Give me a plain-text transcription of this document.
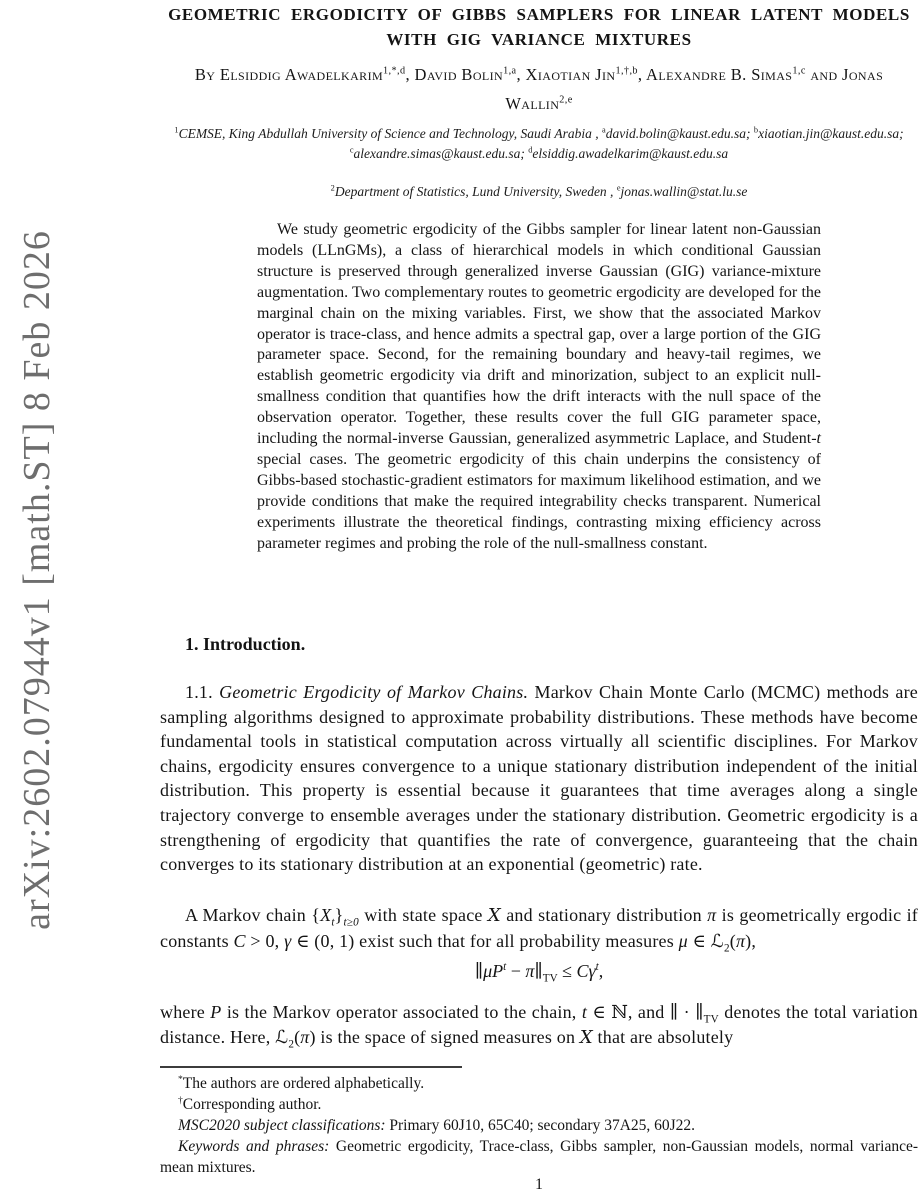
arXiv:2602.07944v1 [math.ST] 8 Feb 2026
GEOMETRIC ERGODICITY OF GIBBS SAMPLERS FOR LINEAR LATENT MODELS WITH GIG VARIANCE MIXTURES
By Elsiddig Awadelkarim$^{1,*,d}$, David Bolin$^{1,a}$, Xiaotian Jin$^{1,\dagger,b}$, Alexandre B. Simas$^{1,c}$ and Jonas Wallin$^{2,e}$
$^1$CEMSE, King Abdullah University of Science and Technology, Saudi Arabia , $^a$david.bolin@kaust.edu.sa; $^b$xiaotian.jin@kaust.edu.sa; $^c$alexandre.simas@kaust.edu.sa; $^d$elsiddig.awadelkarim@kaust.edu.sa
$^2$Department of Statistics, Lund University, Sweden , $^e$jonas.wallin@stat.lu.se
We study geometric ergodicity of the Gibbs sampler for linear latent non-Gaussian models (LLnGMs), a class of hierarchical models in which conditional Gaussian structure is preserved through generalized inverse Gaussian (GIG) variance-mixture augmentation. Two complementary routes to geometric ergodicity are developed for the marginal chain on the mixing variables. First, we show that the associated Markov operator is trace-class, and hence admits a spectral gap, over a large portion of the GIG parameter space. Second, for the remaining boundary and heavy-tail regimes, we establish geometric ergodicity via drift and minorization, subject to an explicit null-smallness condition that quantifies how the drift interacts with the null space of the observation operator. Together, these results cover the full GIG parameter space, including the normal-inverse Gaussian, generalized asymmetric Laplace, and Student-t special cases. The geometric ergodicity of this chain underpins the consistency of Gibbs-based stochastic-gradient estimators for maximum likelihood estimation, and we provide conditions that make the required integrability checks transparent. Numerical experiments illustrate the theoretical findings, contrasting mixing efficiency across parameter regimes and probing the role of the null-smallness constant.
1. Introduction.
1.1. Geometric Ergodicity of Markov Chains. Markov Chain Monte Carlo (MCMC) methods are sampling algorithms designed to approximate probability distributions. These methods have become fundamental tools in statistical computation across virtually all scientific disciplines. For Markov chains, ergodicity ensures convergence to a unique stationary distribution independent of the initial distribution. This property is essential because it guarantees that time averages along a single trajectory converge to ensemble averages under the stationary distribution. Geometric ergodicity is a strengthening of ergodicity that quantifies the rate of convergence, guaranteeing that the chain converges to its stationary distribution at an exponential (geometric) rate.
A Markov chain $\{X_t\}_{t\ge 0}$ with state space X and stationary distribution π is geometrically ergodic if constants C > 0, γ ∈ (0, 1) exist such that for all probability measures μ ∈ ℒ$_2$(π),
$\parallel\mu P^t$ − $\pi\parallel_{TV} \le C\gamma^t$,
where P is the Markov operator associated to the chain, t ∈ ℕ, and ∥ · $\parallel_{TV}$ denotes the total variation distance. Here, ℒ$_2$(π) is the space of signed measures on X that are absolutely

*The authors are ordered alphabetically.

†Corresponding author.

MSC2020 subject classifications: Primary 60J10, 65C40; secondary 37A25, 60J22.

Keywords and phrases: Geometric ergodicity, Trace-class, Gibbs sampler, non-Gaussian models, normal variance-mean mixtures.

1
